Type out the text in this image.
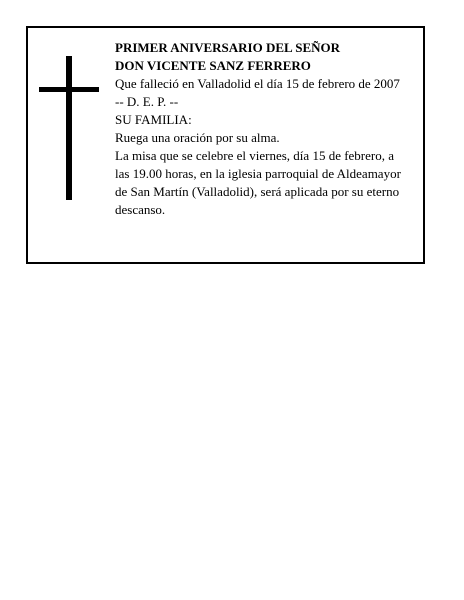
PRIMER ANIVERSARIO DEL SEÑOR
DON VICENTE SANZ FERRERO
Que falleció en Valladolid el día 15 de febrero de 2007
-- D. E. P. --
SU FAMILIA:
Ruega una oración por su alma.
La misa que se celebre el viernes, día 15 de febrero, a
las 19.00 horas, en la iglesia parroquial de Aldeamayor
de San Martín (Valladolid), será aplicada por su eterno
descanso.
